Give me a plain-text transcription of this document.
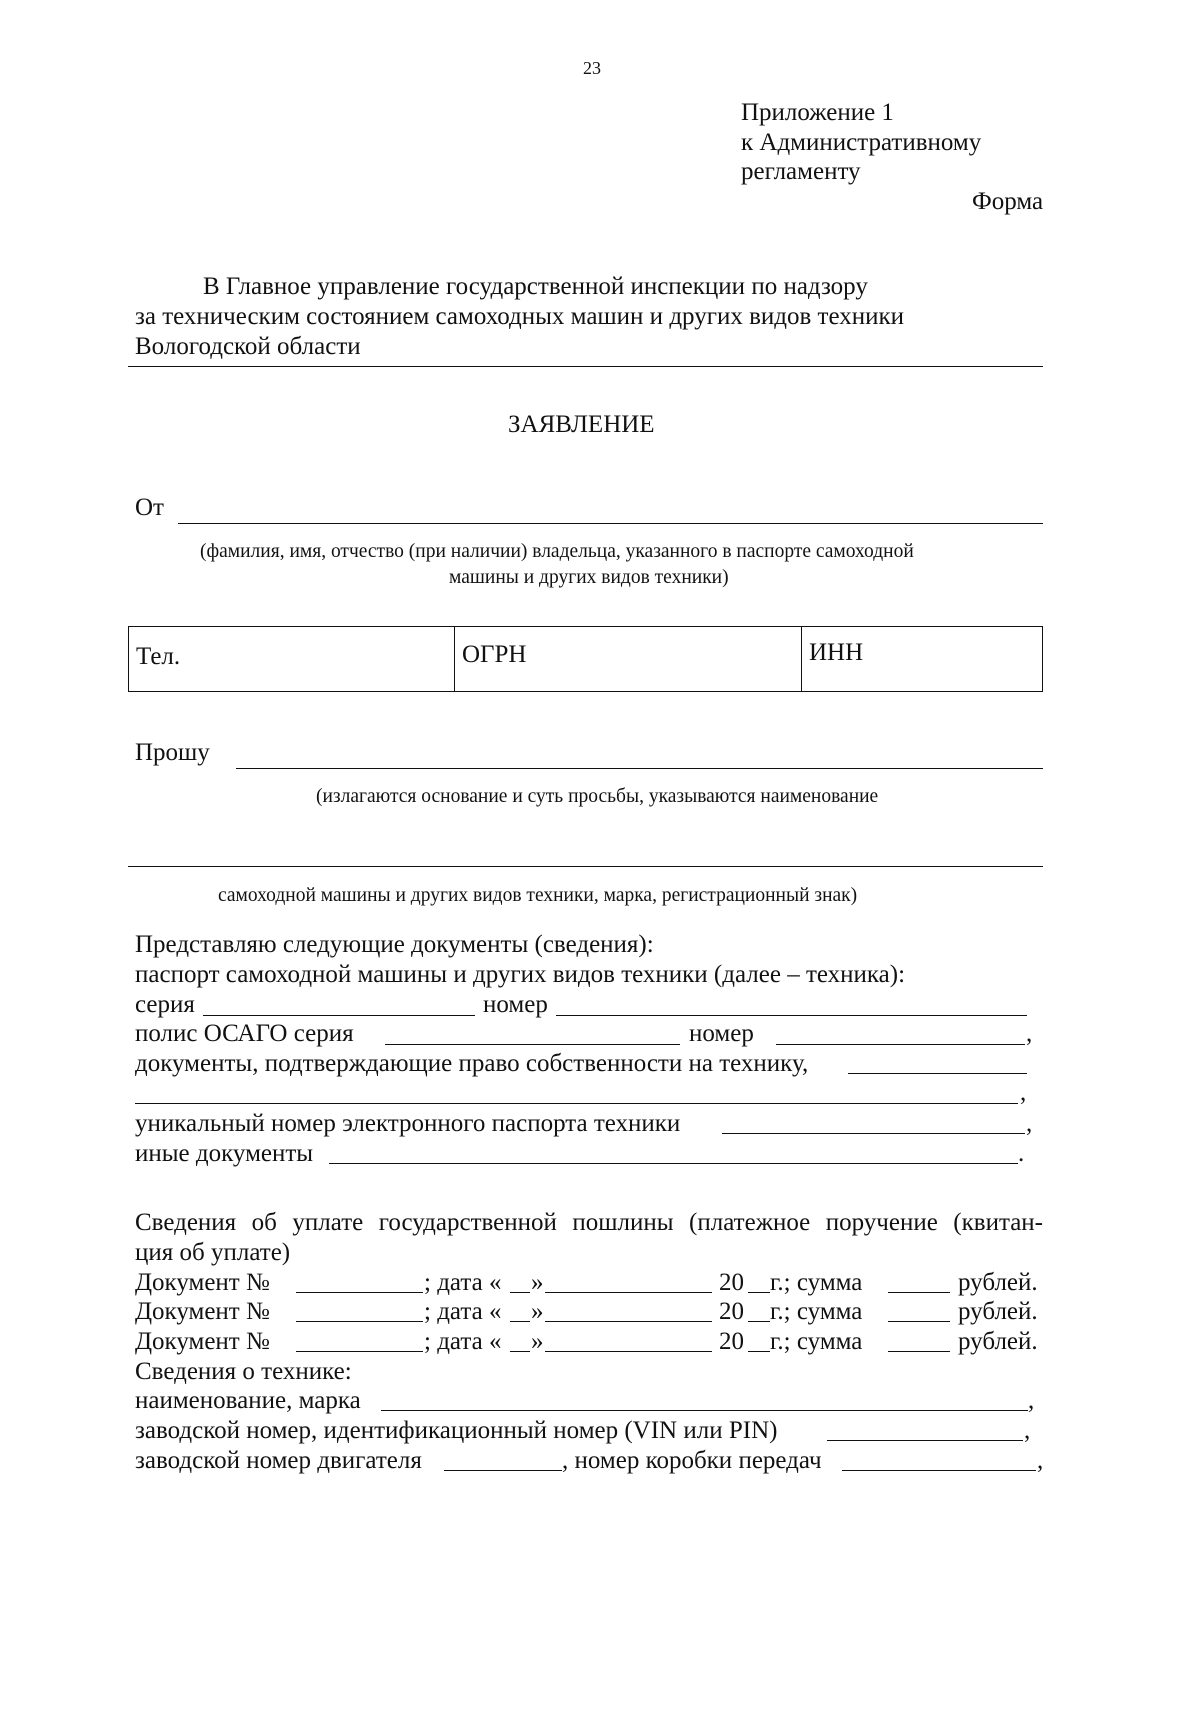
23
Приложение 1
к Административному
регламенту
Форма
В Главное управление государственной инспекции по надзору
за техническим состоянием самоходных машин и других видов техники
Вологодской области
ЗАЯВЛЕНИЕ
От
(фамилия, имя, отчество (при наличии) владельца, указанного в паспорте самоходной
машины и других видов техники)
Тел.	ОГРН	ИНН
Прошу
(излагаются основание и суть просьбы, указываются наименование
самоходной машины и других видов техники, марка, регистрационный знак)
Представляю следующие документы (сведения):
паспорт самоходной машины и других видов техники (далее – техника):
серия	номер
полис ОСАГО серия	номер	,
документы, подтверждающие право собственности на технику,
,
уникальный номер электронного паспорта техники	,
иные документы	.
Сведения об уплате государственной пошлины (платежное поручение (квитан-
ция об уплате)
Документ №	; дата « »	20 г.; сумма	рублей.
Документ №	; дата « »	20 г.; сумма	рублей.
Документ №	; дата « »	20 г.; сумма	рублей.
Сведения о технике:
наименование, марка	,
заводской номер, идентификационный номер (VIN или PIN)	,
заводской номер двигателя	, номер коробки передач	,
